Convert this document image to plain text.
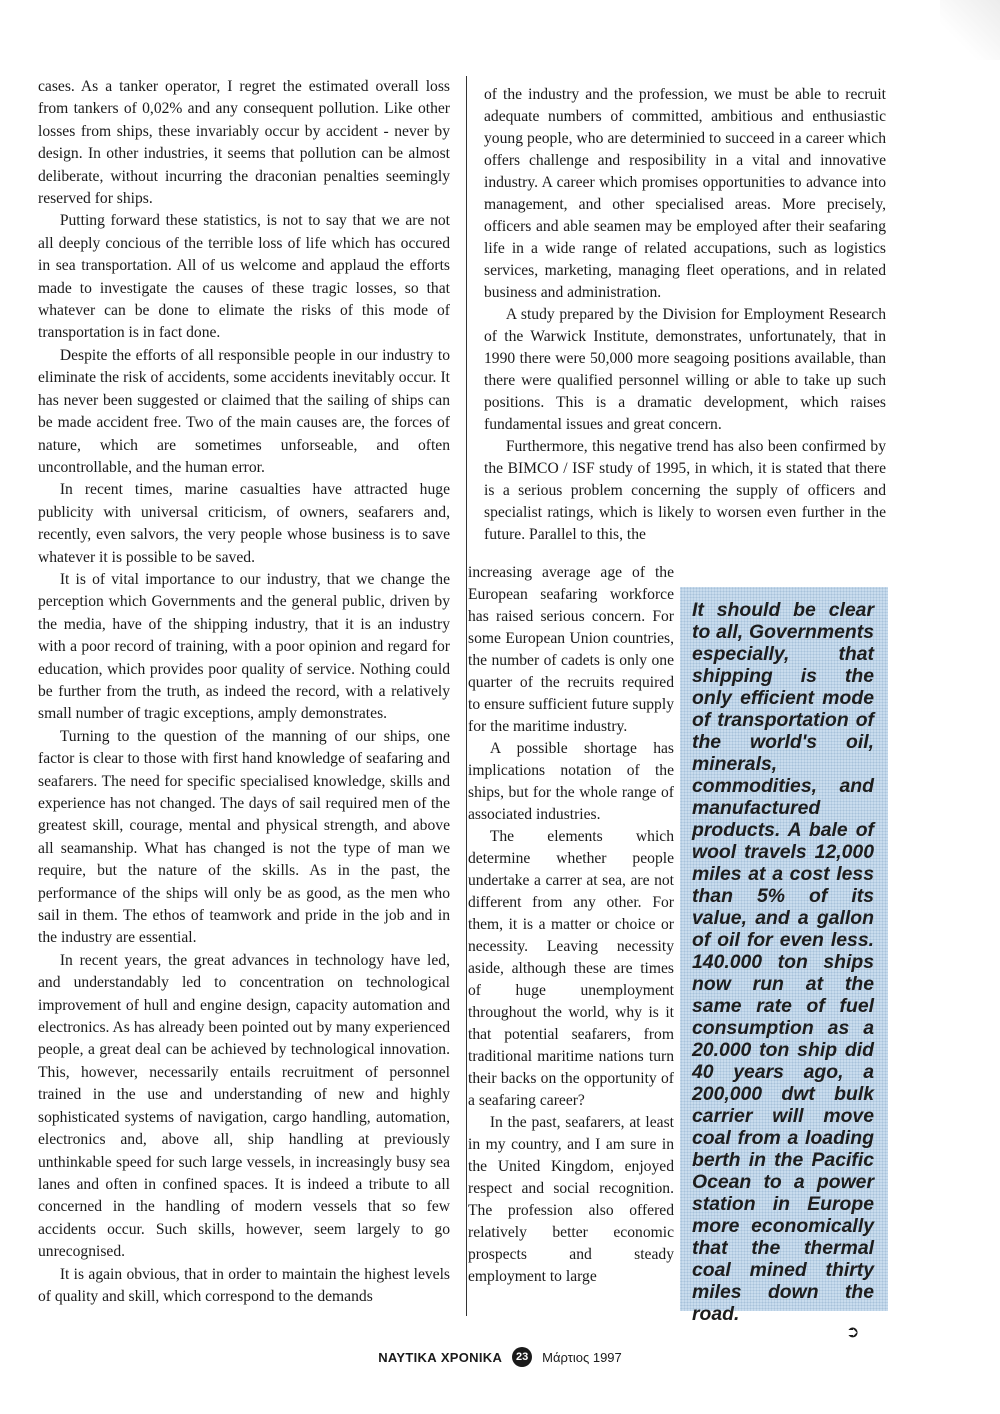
cases. As a tanker operator, I regret the estimated overall loss from tankers of 0,02% and any consequent pollution. Like other losses from ships, these invariably occur by accident - never by design. In other industries, it seems that pollution can be almost deliberate, without incurring the draconian penalties seemingly reserved for ships.

Putting forward these statistics, is not to say that we are not all deeply concious of the terrible loss of life which has occured in sea transportation. All of us welcome and applaud the efforts made to investigate the causes of these tragic losses, so that whatever can be done to elimate the risks of this mode of transportation is in fact done.

Despite the efforts of all responsible people in our industry to eliminate the risk of accidents, some accidents inevitably occur. It has never been suggested or claimed that the sailing of ships can be made accident free. Two of the main causes are, the forces of nature, which are sometimes unforseable, and often uncontrollable, and the human error.

In recent times, marine casualties have attracted huge publicity with universal criticism, of owners, seafarers and, recently, even salvors, the very people whose business is to save whatever it is possible to be saved.

It is of vital importance to our industry, that we change the perception which Governments and the general public, driven by the media, have of the shipping industry, that it is an industry with a poor record of training, with a poor opinion and regard for education, which provides poor quality of service. Nothing could be further from the truth, as indeed the record, with a relatively small number of tragic exceptions, amply demonstrates.

Turning to the question of the manning of our ships, one factor is clear to those with first hand knowledge of seafaring and seafarers. The need for specific specialised knowledge, skills and experience has not changed. The days of sail required men of the greatest skill, courage, mental and physical strength, and above all seamanship. What has changed is not the type of man we require, but the nature of the skills. As in the past, the performance of the ships will only be as good, as the men who sail in them. The ethos of teamwork and pride in the job and in the industry are essential.

In recent years, the great advances in technology have led, and understandably led to concentration on technological improvement of hull and engine design, capacity automation and electronics. As has already been pointed out by many experienced people, a great deal can be achieved by technological innovation. This, however, necessarily entails recruitment of personnel trained in the use and understanding of new and highly sophisticated systems of navigation, cargo handling, automation, electronics and, above all, ship handling at previously unthinkable speed for such large vessels, in increasingly busy sea lanes and often in confined spaces. It is indeed a tribute to all concerned in the handling of modern vessels that so few accidents occur. Such skills, however, seem largely to go unrecognised.

It is again obvious, that in order to maintain the highest levels of quality and skill, which correspond to the demands

of the industry and the profession, we must be able to recruit adequate numbers of committed, ambitious and enthusiastic young people, who are determinied to succeed in a career which offers challenge and resposibility in a vital and innovative industry. A career which promises opportunities to advance into management, and other specialised areas. More precisely, officers and able seamen may be employed after their seafaring life in a wide range of related accupations, such as logistics services, marketing, managing fleet operations, and in related business and administration.

A study prepared by the Division for Employment Research of the Warwick Institute, demonstrates, unfortunately, that in 1990 there were 50,000 more seagoing positions available, than there were qualified personnel willing or able to take up such positions. This is a dramatic development, which raises fundamental issues and great concern.

Furthermore, this negative trend has also been confirmed by the BIMCO / ISF study of 1995, in which, it is stated that there is a serious problem concerning the supply of officers and specialist ratings, which is likely to worsen even further in the future. Parallel to this, the

increasing average age of the European seafaring workforce has raised serious concern. For some European Union countries, the number of cadets is only one quarter of the recruits required to ensure sufficient future supply for the maritime industry.

A possible shortage has implications notation of the ships, but for the whole range of associated industries.

The elements which determine whether people undertake a carrer at sea, are not different from any other. For them, it is a matter or choice or necessity. Leaving necessity aside, although these are times of huge unemployment throughout the world, why is it that potential seafarers, from traditional maritime nations turn their backs on the opportunity of a seafaring career?

In the past, seafarers, at least in my country, and I am sure in the United Kingdom, enjoyed respect and social recognition. The profession also offered relatively better economic prospects and steady employment to large

It should be clear to all, Governments especially, that shipping is the only efficient mode of transportation of the world's oil, minerals, commodities, and manufactured products. A bale of wool travels 12,000 miles at a cost less than 5% of its value, and a gallon of oil for even less. 140.000 ton ships now run at the same rate of fuel consumption as a 20.000 ton ship did 40 years ago, a 200,000 dwt bulk carrier will move coal from a loading berth in the Pacific Ocean to a power station in Europe more economically that the thermal coal mined thirty miles down the road.

➲
ΝΑΥΤΙΚΑ ΧΡΟΝΙΚΑ	23 Μάρτιος 1997
